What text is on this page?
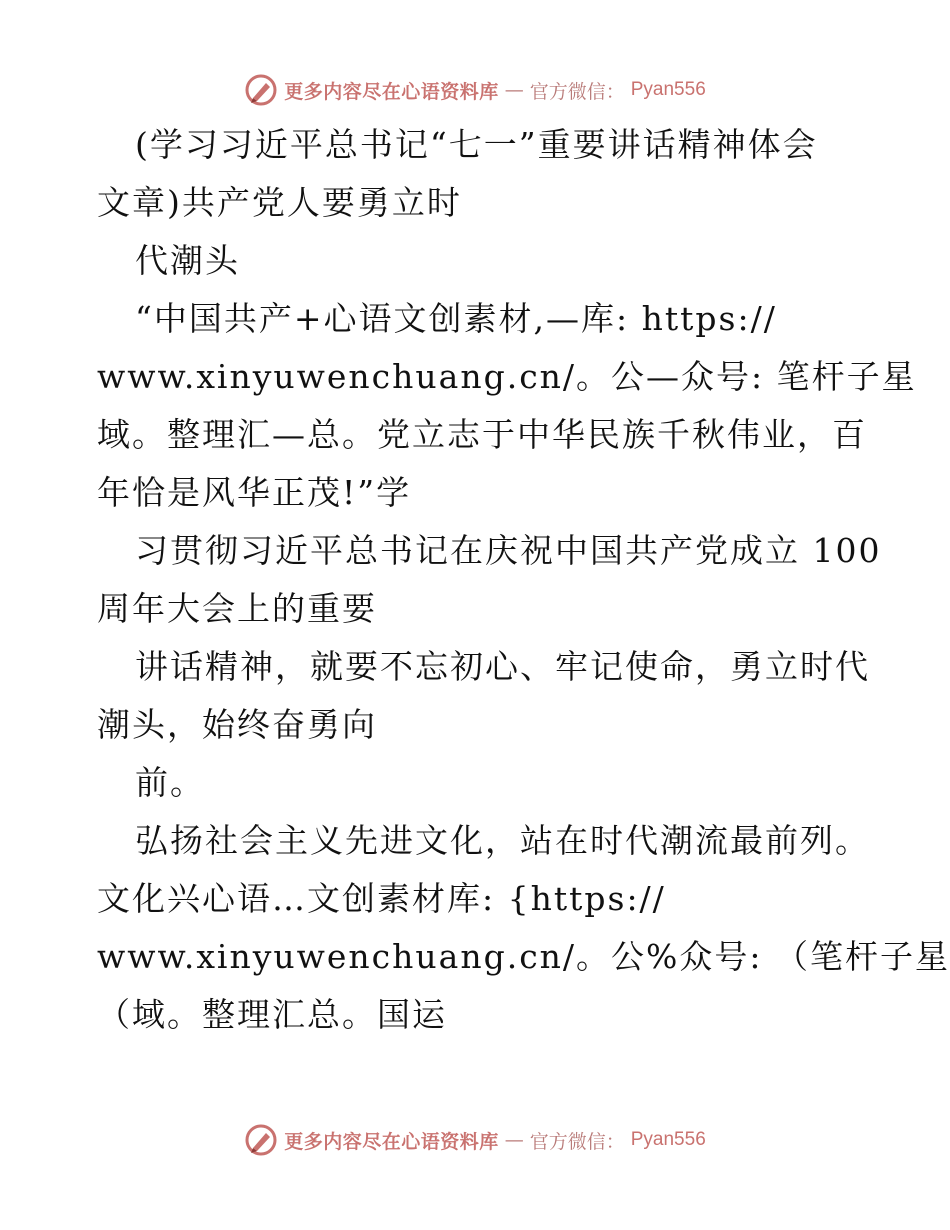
更多内容尽在心语资料库 — 官方微信： Pyan556
(学习习近平总书记“七一”重要讲话精神体会
文章)共产党人要勇立时
代潮头
“中国共产+心语文创素材,—库: https://
www.xinyuwenchuang.cn/。公—众号: 笔杆子星
域。整理汇—总。党立志于中华民族千秋伟业，百
年恰是风华正茂!”学
习贯彻习近平总书记在庆祝中国共产党成立 100
周年大会上的重要
讲话精神，就要不忘初心、牢记使命，勇立时代
潮头，始终奋勇向
前。
弘扬社会主义先进文化，站在时代潮流最前列。
文化兴心语…文创素材库: {https://
www.xinyuwenchuang.cn/。公%众号: （笔杆子星
（域。整理汇总。国运
更多内容尽在心语资料库 — 官方微信： Pyan556
